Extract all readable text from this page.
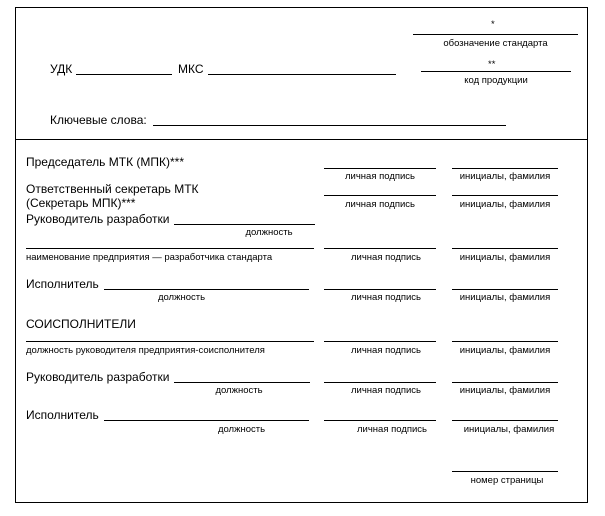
*
обозначение стандарта
УДК	МКС	**
код продукции
Ключевые слова:
Председатель МТК (МПК)***
личная подпись	инициалы, фамилия
Ответственный секретарь МТК
(Секретарь МПК)***	личная подпись	инициалы, фамилия
Руководитель разработки
должность
наименование предприятия — разработчика стандарта	личная подпись	инициалы, фамилия
Исполнитель
должность	личная подпись	инициалы, фамилия
СОИСПОЛНИТЕЛИ
должность руководителя предприятия-соисполнителя	личная подпись	инициалы, фамилия
Руководитель разработки
должность	личная подпись	инициалы, фамилия
Исполнитель
должность	личная подпись	инициалы, фамилия
номер страницы
